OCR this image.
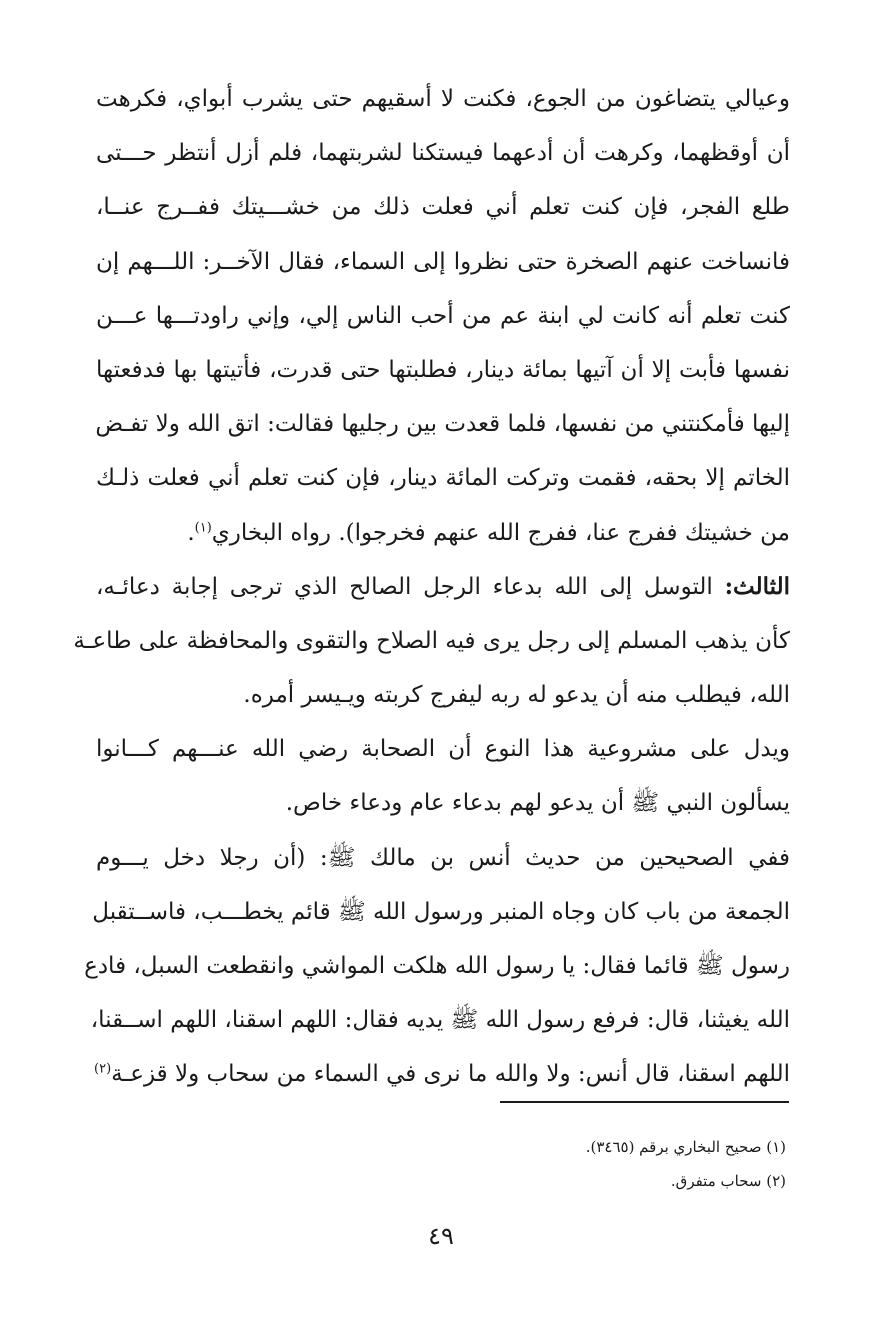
وعيالي يتضاغون من الجوع، فكنت لا أسقيهم حتى يشرب أبواي، فكرهت
أن أوقظهما، وكرهت أن أدعهما فيستكنا لشربتهما، فلم أزل أنتظر حـــتى
طلع الفجر، فإن كنت تعلم أني فعلت ذلك من خشـــيتك ففــرج عنــا،
فانساخت عنهم الصخرة حتى نظروا إلى السماء، فقال الآخــر: اللـــهم إن
كنت تعلم أنه كانت لي ابنة عم من أحب الناس إلي، وإني راودتـــها عـــن
نفسها فأبت إلا أن آتيها بمائة دينار، فطلبتها حتى قدرت، فأتيتها بها فدفعتها
إليها فأمكنتني من نفسها، فلما قعدت بين رجليها فقالت: اتق الله ولا تفـض
الخاتم إلا بحقه، فقمت وتركت المائة دينار، فإن كنت تعلم أني فعلت ذلـك
من خشيتك ففرج عنا، ففرج الله عنهم فخرجوا). رواه البخاري$^{(١)}$.
الثالث: التوسل إلى الله بدعاء الرجل الصالح الذي ترجى إجابة دعائـه،
كأن يذهب المسلم إلى رجل يرى فيه الصلاح والتقوى والمحافظة على طاعـة
الله، فيطلب منه أن يدعو له ربه ليفرج كربته ويـيسر أمره.
ويدل على مشروعية هذا النوع أن الصحابة رضي الله عنـــهم كـــانوا
يسألون النبي ﷺ أن يدعو لهم بدعاء عام ودعاء خاص.
ففي الصحيحين من حديث أنس بن مالك ﷺ: (أن رجلا دخل يـــوم
الجمعة من باب كان وجاه المنبر ورسول الله ﷺ قائم يخطـــب، فاســتقبل
رسول ﷺ قائما فقال: يا رسول الله هلكت المواشي وانقطعت السبل، فادع
الله يغيثنا، قال: فرفع رسول الله ﷺ يديه فقال: اللهم اسقنا، اللهم اســقنا،
اللهم اسقنا، قال أنس: ولا والله ما نرى في السماء من سحاب ولا قزعـة$^{(٢)}$
(١) صحيح البخاري برقم (٣٤٦٥).
(٢) سحاب متفرق.
٤٩
